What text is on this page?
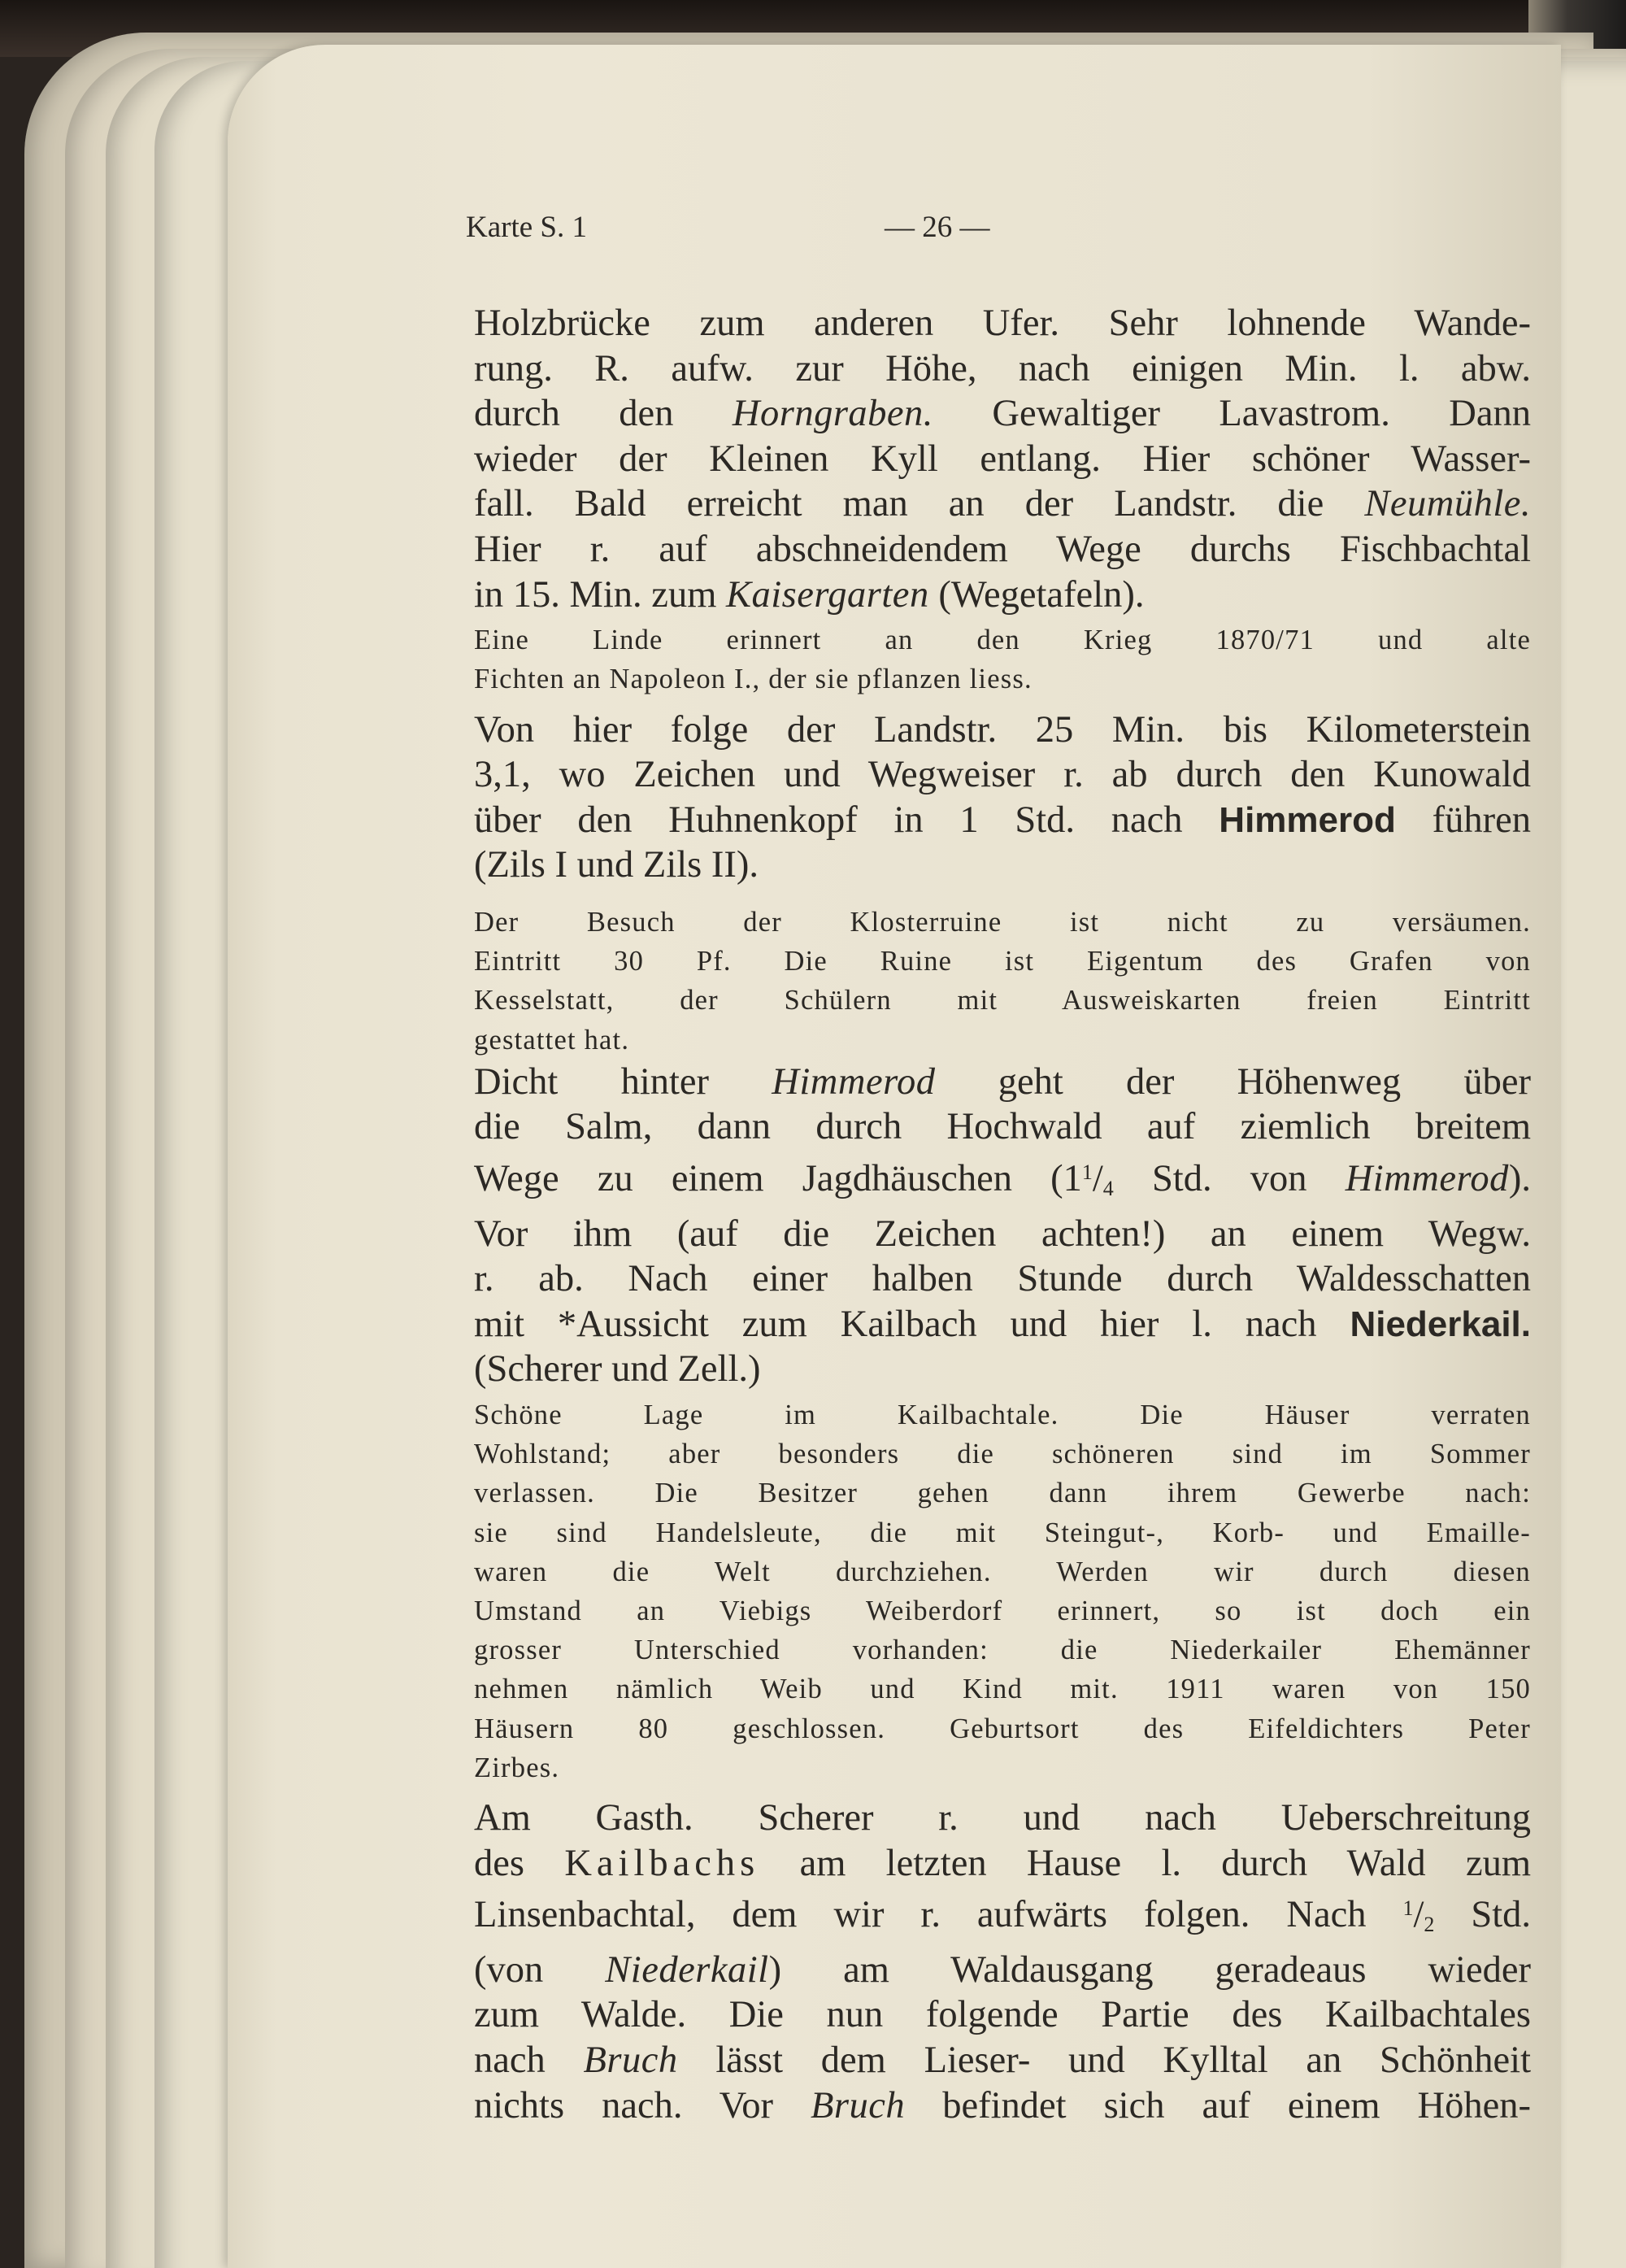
Karte S. 1	— 26 —

Holzbrücke zum anderen Ufer. Sehr lohnende Wande-

rung. R. aufw. zur Höhe, nach einigen Min. l. abw.

durch den Horngraben. Gewaltiger Lavastrom. Dann

wieder der Kleinen Kyll entlang. Hier schöner Wasser-

fall. Bald erreicht man an der Landstr. die Neumühle.

Hier r. auf abschneidendem Wege durchs Fischbachtal

in 15. Min. zum Kaisergarten (Wegetafeln).

Eine Linde erinnert an den Krieg 1870/71 und alte

Fichten an Napoleon I., der sie pflanzen liess.

Von hier folge der Landstr. 25 Min. bis Kilometerstein

3,1, wo Zeichen und Wegweiser r. ab durch den Kunowald

über den Huhnenkopf in 1 Std. nach Himmerod führen

(Zils I und Zils II).

Der Besuch der Klosterruine ist nicht zu versäumen.

Eintritt 30 Pf. Die Ruine ist Eigentum des Grafen von

Kesselstatt, der Schülern mit Ausweiskarten freien Eintritt

gestattet hat.

Dicht hinter Himmerod geht der Höhenweg über

die Salm, dann durch Hochwald auf ziemlich breitem

Wege zu einem Jagdhäuschen ($1^1/_4$ Std. von Himmerod).

Vor ihm (auf die Zeichen achten!) an einem Wegw.

r. ab. Nach einer halben Stunde durch Waldesschatten

mit *Aussicht zum Kailbach und hier l. nach Niederkail.

(Scherer und Zell.)

Schöne Lage im Kailbachtale. Die Häuser verraten

Wohlstand; aber besonders die schöneren sind im Sommer

verlassen. Die Besitzer gehen dann ihrem Gewerbe nach:

sie sind Handelsleute, die mit Steingut-, Korb- und Emaille-

waren die Welt durchziehen. Werden wir durch diesen

Umstand an Viebigs Weiberdorf erinnert, so ist doch ein

grosser Unterschied vorhanden: die Niederkailer Ehemänner

nehmen nämlich Weib und Kind mit. 1911 waren von 150

Häusern 80 geschlossen. Geburtsort des Eifeldichters Peter

Zirbes.

Am Gasth. Scherer r. und nach Ueberschreitung

des Kailbachs am letzten Hause l. durch Wald zum

Linsenbachtal, dem wir r. aufwärts folgen. Nach $^1/_2$ Std.

(von Niederkail) am Waldausgang geradeaus wieder

zum Walde. Die nun folgende Partie des Kailbachtales

nach Bruch lässt dem Lieser- und Kylltal an Schönheit

nichts nach. Vor Bruch befindet sich auf einem Höhen-
